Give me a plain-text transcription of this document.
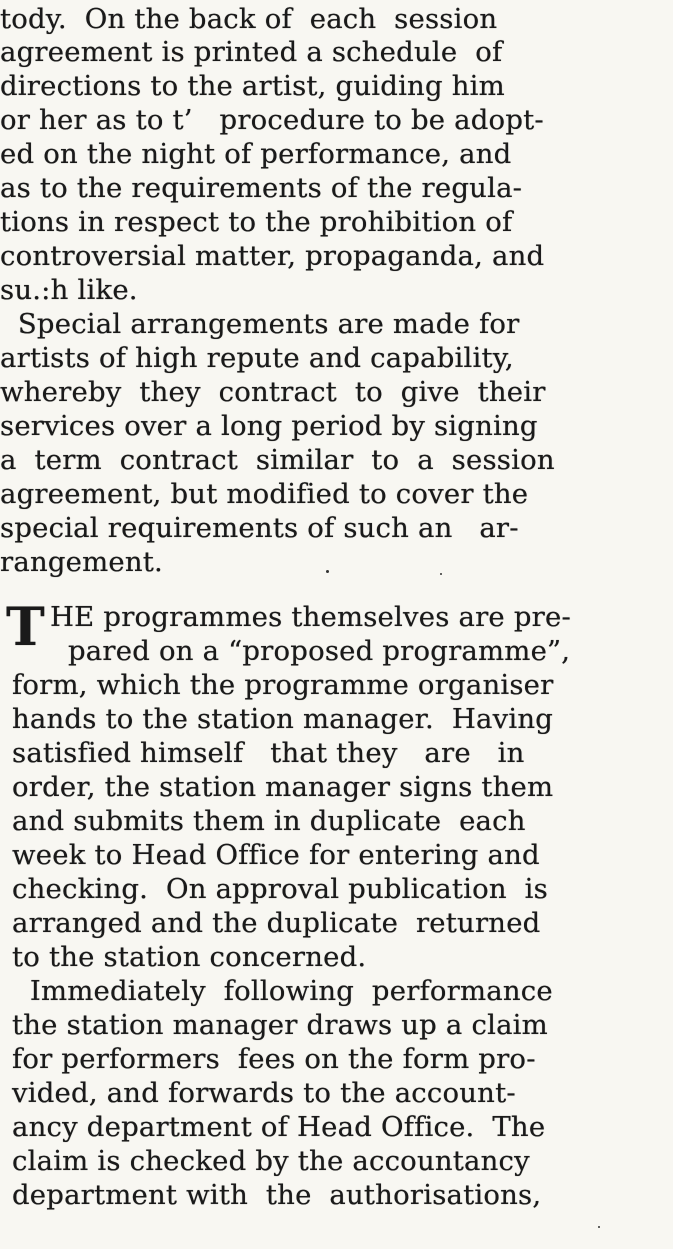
tody.  On the back of  each  session
agreement is printed a schedule  of
directions to the artist, guiding him
or her as to t’   procedure to be adopt-
ed on the night of performance, and
as to the requirements of the regula-
tions in respect to the prohibition of
controversial matter, propaganda, and
su.:h like.
Special arrangements are made for
artists of high repute and capability,
whereby  they  contract  to  give  their
services over a long period by signing
a  term  contract  similar  to  a  session
agreement, but modified to cover the
special requirements of such an   ar-
rangement.
T HE programmes themselves are pre-
pared on a “proposed programme”,
form, which the programme organiser
hands to the station manager.  Having
satisfied himself   that they   are   in
order, the station manager signs them
and submits them in duplicate  each
week to Head Office for entering and
checking.  On approval publication  is
arranged and the duplicate  returned
to the station concerned.
Immediately  following  performance
the station manager draws up a claim
for performers  fees on the form pro-
vided, and forwards to the account-
ancy department of Head Office.  The
claim is checked by the accountancy
department with  the  authorisations,
